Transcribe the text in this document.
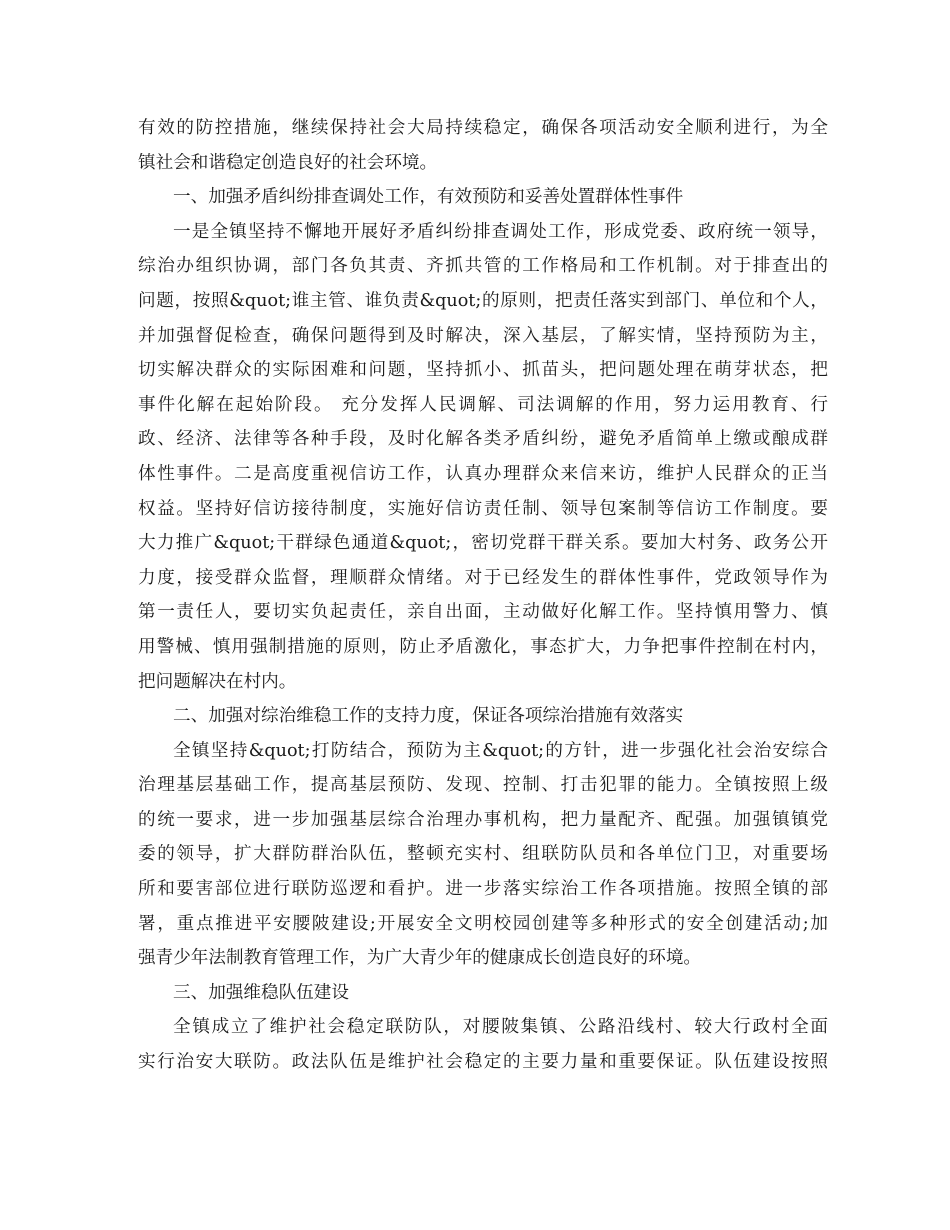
有效的防控措施，继续保持社会大局持续稳定，确保各项活动安全顺利进行，为全
镇社会和谐稳定创造良好的社会环境。
一、加强矛盾纠纷排查调处工作，有效预防和妥善处置群体性事件
一是全镇坚持不懈地开展好矛盾纠纷排查调处工作，形成党委、政府统一领导，
综治办组织协调，部门各负其责、齐抓共管的工作格局和工作机制。对于排查出的
问题，按照&quot;谁主管、谁负责&quot;的原则，把责任落实到部门、单位和个人，
并加强督促检查，确保问题得到及时解决，深入基层，了解实情，坚持预防为主，
切实解决群众的实际困难和问题，坚持抓小、抓苗头，把问题处理在萌芽状态，把
事件化解在起始阶段。 充分发挥人民调解、司法调解的作用，努力运用教育、行
政、经济、法律等各种手段，及时化解各类矛盾纠纷，避免矛盾简单上缴或酿成群
体性事件。二是高度重视信访工作，认真办理群众来信来访，维护人民群众的正当
权益。坚持好信访接待制度，实施好信访责任制、领导包案制等信访工作制度。要
大力推广&quot;干群绿色通道&quot;，密切党群干群关系。要加大村务、政务公开
力度，接受群众监督，理顺群众情绪。对于已经发生的群体性事件，党政领导作为
第一责任人，要切实负起责任，亲自出面，主动做好化解工作。坚持慎用警力、慎
用警械、慎用强制措施的原则，防止矛盾激化，事态扩大，力争把事件控制在村内，
把问题解决在村内。
二、加强对综治维稳工作的支持力度，保证各项综治措施有效落实
全镇坚持&quot;打防结合，预防为主&quot;的方针，进一步强化社会治安综合
治理基层基础工作，提高基层预防、发现、控制、打击犯罪的能力。全镇按照上级
的统一要求，进一步加强基层综合治理办事机构，把力量配齐、配强。加强镇镇党
委的领导，扩大群防群治队伍，整顿充实村、组联防队员和各单位门卫，对重要场
所和要害部位进行联防巡逻和看护。进一步落实综治工作各项措施。按照全镇的部
署，重点推进平安腰陂建设;开展安全文明校园创建等多种形式的安全创建活动;加
强青少年法制教育管理工作，为广大青少年的健康成长创造良好的环境。
三、加强维稳队伍建设
全镇成立了维护社会稳定联防队，对腰陂集镇、公路沿线村、较大行政村全面
实行治安大联防。政法队伍是维护社会稳定的主要力量和重要保证。队伍建设按照
